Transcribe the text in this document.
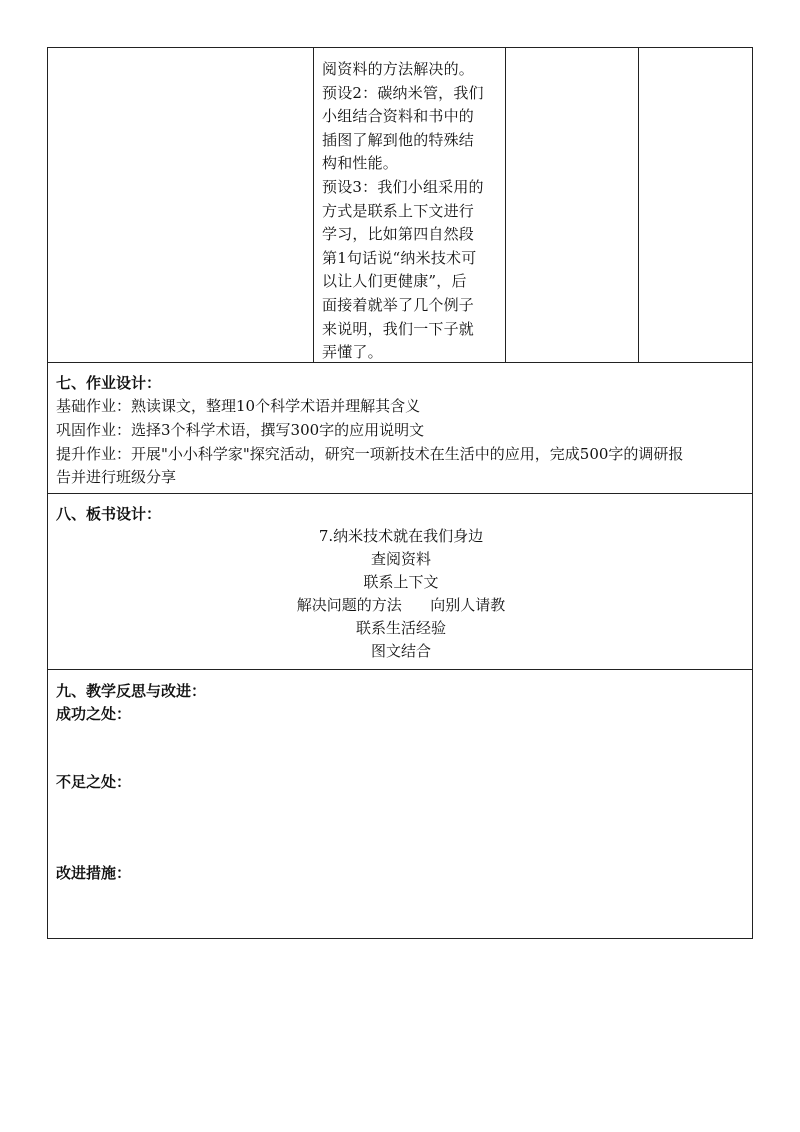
阅资料的方法解决的。
预设2：碳纳米管，我们
小组结合资料和书中的
插图了解到他的特殊结
构和性能。
预设3：我们小组采用的
方式是联系上下文进行
学习，比如第四自然段
第1句话说“纳米技术可
以让人们更健康”，后
面接着就举了几个例子
来说明，我们一下子就
弄懂了。
七、作业设计：
基础作业：熟读课文，整理10个科学术语并理解其含义
巩固作业：选择3个科学术语，撰写300字的应用说明文
提升作业：开展"小小科学家"探究活动，研究一项新技术在生活中的应用，完成500字的调研报
告并进行班级分享
八、板书设计：
7.纳米技术就在我们身边
查阅资料
联系上下文
解决问题的方法      向别人请教
联系生活经验
图文结合
九、教学反思与改进：
成功之处：
不足之处：
改进措施：
